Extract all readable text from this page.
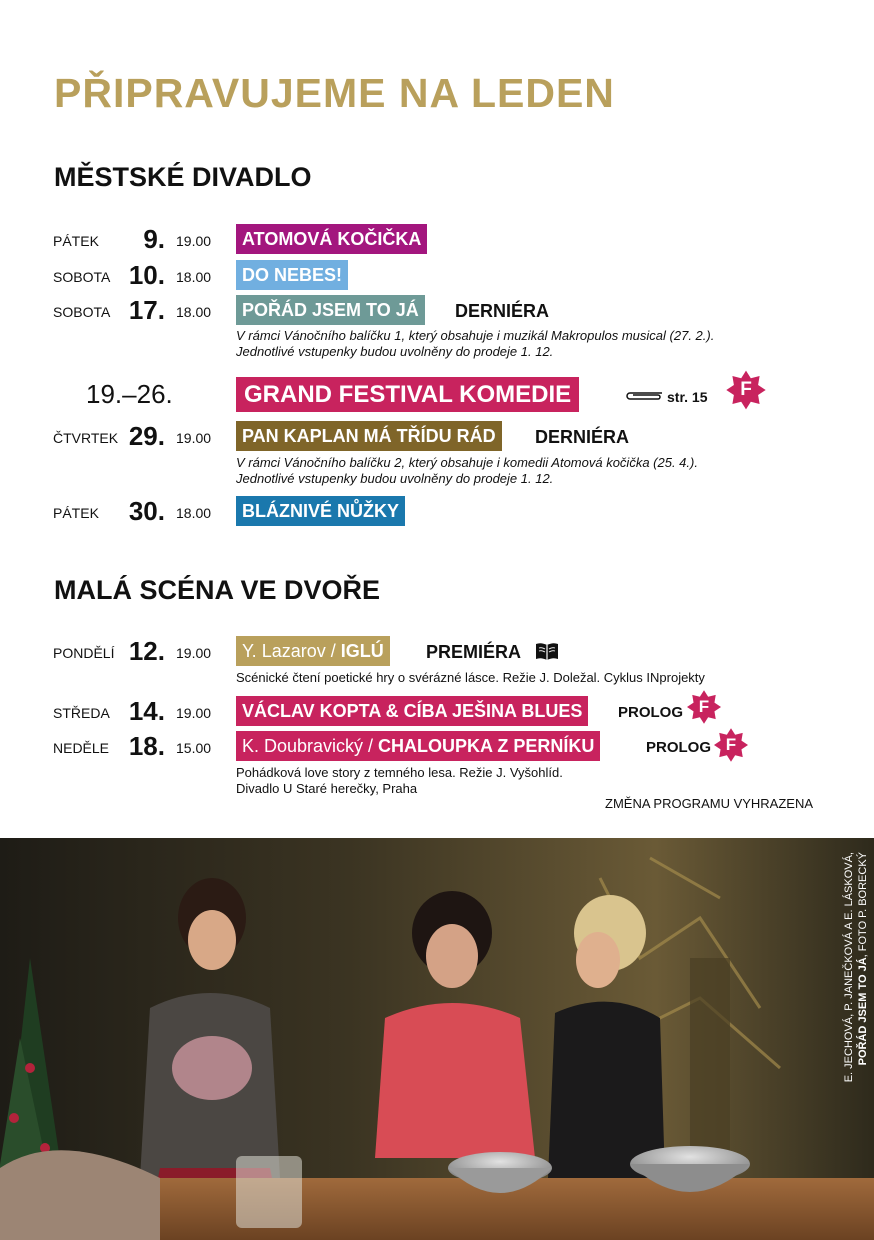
PŘIPRAVUJEME NA LEDEN
MĚSTSKÉ DIVADLO
PÁTEK	9. 19.00	ATOMOVÁ KOČIČKA
SOBOTA 10. 18.00	DO NEBES!
SOBOTA 17. 18.00	POŘÁD JSEM TO JÁ	DERNIÉRA
V rámci Vánočního balíčku 1, který obsahuje i muzikál Makropulos musical (27. 2.).
Jednotlivé vstupenky budou uvolněny do prodeje 1. 12.
19.–26.	GRAND FESTIVAL KOMEDIE	str. 15	F
ČTVRTEK 29. 19.00	PAN KAPLAN MÁ TŘÍDU RÁD	DERNIÉRA
V rámci Vánočního balíčku 2, který obsahuje i komedii Atomová kočička (25. 4.).
Jednotlivé vstupenky budou uvolněny do prodeje 1. 12.
PÁTEK	30. 18.00	BLÁZNIVÉ NŮŽKY
MALÁ SCÉNA VE DVOŘE
PONDĚLÍ 12. 19.00	Y. Lazarov / IGLÚ	PREMIÉRA
Scénické čtení poetické hry o svérázné lásce. Režie J. Doležal. Cyklus INprojekty
STŘEDA 14. 19.00	VÁCLAV KOPTA & CÍBA JEŠINA BLUES	PROLOG F
NEDĚLE 18. 15.00	K. Doubravický / CHALOUPKA Z PERNÍKU	PROLOG F
Pohádková love story z temného lesa. Režie J. Vyšohlíd.
Divadlo U Staré herečky, Praha
ZMĚNA PROGRAMU VYHRAZENA
E. JECHOVÁ, P. JANEČKOVÁ A E. LÁSKOVÁ, POŘÁD JSEM TO JÁ, FOTO P. BORECKÝ
